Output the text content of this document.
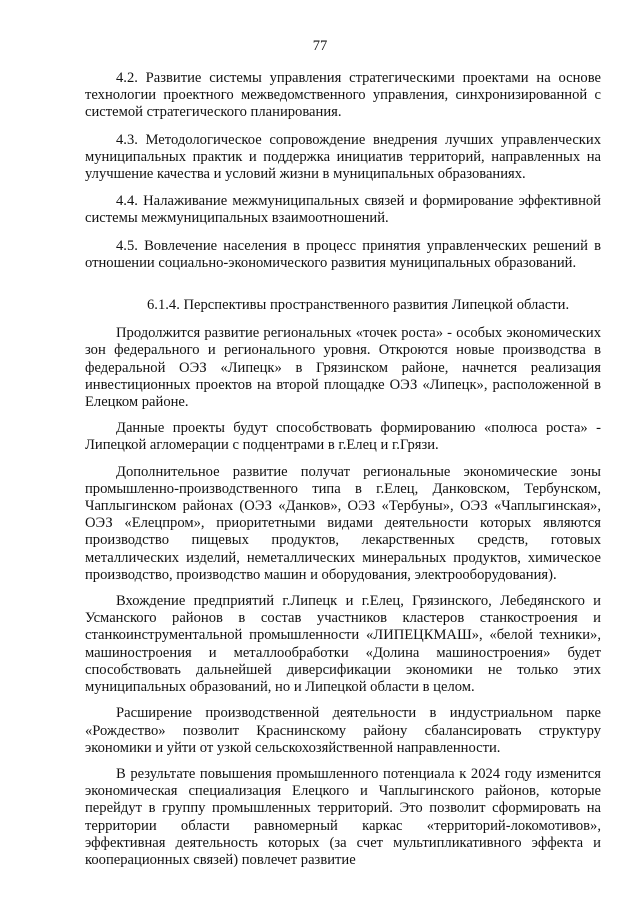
77

4.2. Развитие системы управления стратегическими проектами на основе технологии проектного межведомственного управления, синхронизированной с системой стратегического планирования.

4.3. Методологическое сопровождение внедрения лучших управленческих муниципальных практик и поддержка инициатив территорий, направленных на улучшение качества и условий жизни в муниципальных образованиях.

4.4. Налаживание межмуниципальных связей и формирование эффективной системы межмуниципальных взаимоотношений.

4.5. Вовлечение населения в процесс принятия управленческих решений в отношении социально-экономического развития муниципальных образований.

6.1.4. Перспективы пространственного развития Липецкой области.

Продолжится развитие региональных «точек роста» - особых экономических зон федерального и регионального уровня. Откроются новые производства в федеральной ОЭЗ «Липецк» в Грязинском районе, начнется реализация инвестиционных проектов на второй площадке ОЭЗ «Липецк», расположенной в Елецком районе.

Данные проекты будут способствовать формированию «полюса роста» - Липецкой агломерации с подцентрами в г.Елец и г.Грязи.

Дополнительное развитие получат региональные экономические зоны промышленно-производственного типа в г.Елец, Данковском, Тербунском, Чаплыгинском районах (ОЭЗ «Данков», ОЭЗ «Тербуны», ОЭЗ «Чаплыгинская», ОЭЗ «Елецпром», приоритетными видами деятельности которых являются производство пищевых продуктов, лекарственных средств, готовых металлических изделий, неметаллических минеральных продуктов, химическое производство, производство машин и оборудования, электрооборудования).

Вхождение предприятий г.Липецк и г.Елец, Грязинского, Лебедянского и Усманского районов в состав участников кластеров станкостроения и станкоинструментальной промышленности «ЛИПЕЦКМАШ», «белой техники», машиностроения и металлообработки «Долина машиностроения» будет способствовать дальнейшей диверсификации экономики не только этих муниципальных образований, но и Липецкой области в целом.

Расширение производственной деятельности в индустриальном парке «Рождество» позволит Краснинскому району сбалансировать структуру экономики и уйти от узкой сельскохозяйственной направленности.

В результате повышения промышленного потенциала к 2024 году изменится экономическая специализация Елецкого и Чаплыгинского районов, которые перейдут в группу промышленных территорий. Это позволит сформировать на территории области равномерный каркас «территорий-локомотивов», эффективная деятельность которых (за счет мультипликативного эффекта и кооперационных связей) повлечет развитие
